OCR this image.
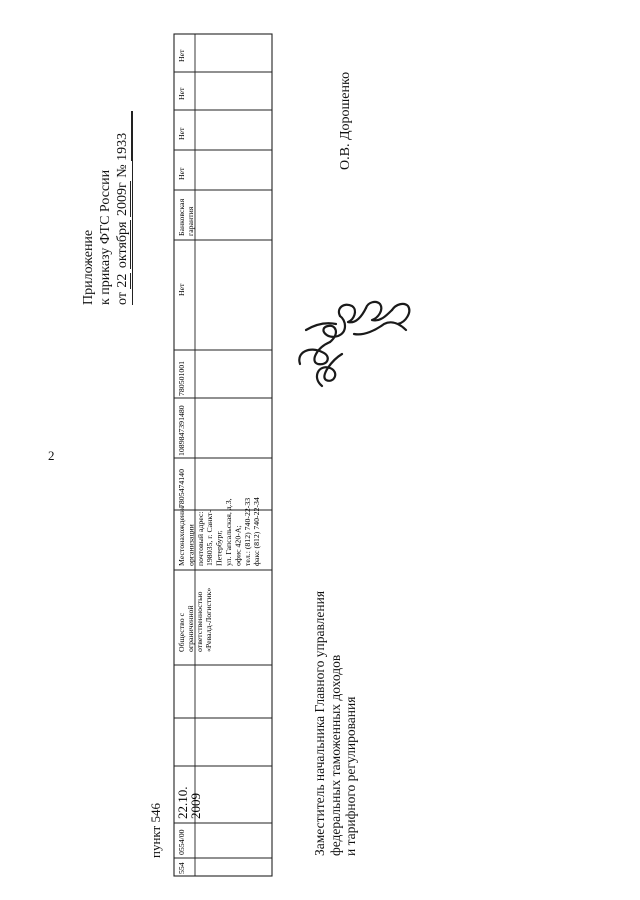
2
Приложение к приказу ФТС России от 22 октября 2009г № 1933
пункт 546
554
0554/00
22.10. 2009
Общество сограниченнойответственностью«Ревалд-Логистик»
Местонахождениеорганизациипочтовый адрес:198035, г. Санкт-Петербург,ул. Гапсальская, д.3,офис 420-А;тел.: (812) 740-22-33факс (812) 740-22-34
7805474140
1089847391480
780501001
Нет
Банковскаягарантия
Нет
Нет
Нет
Нет
Заместитель начальника Главного управления федеральных таможенных доходов и тарифного регулирования
О.В. Дорошенко
